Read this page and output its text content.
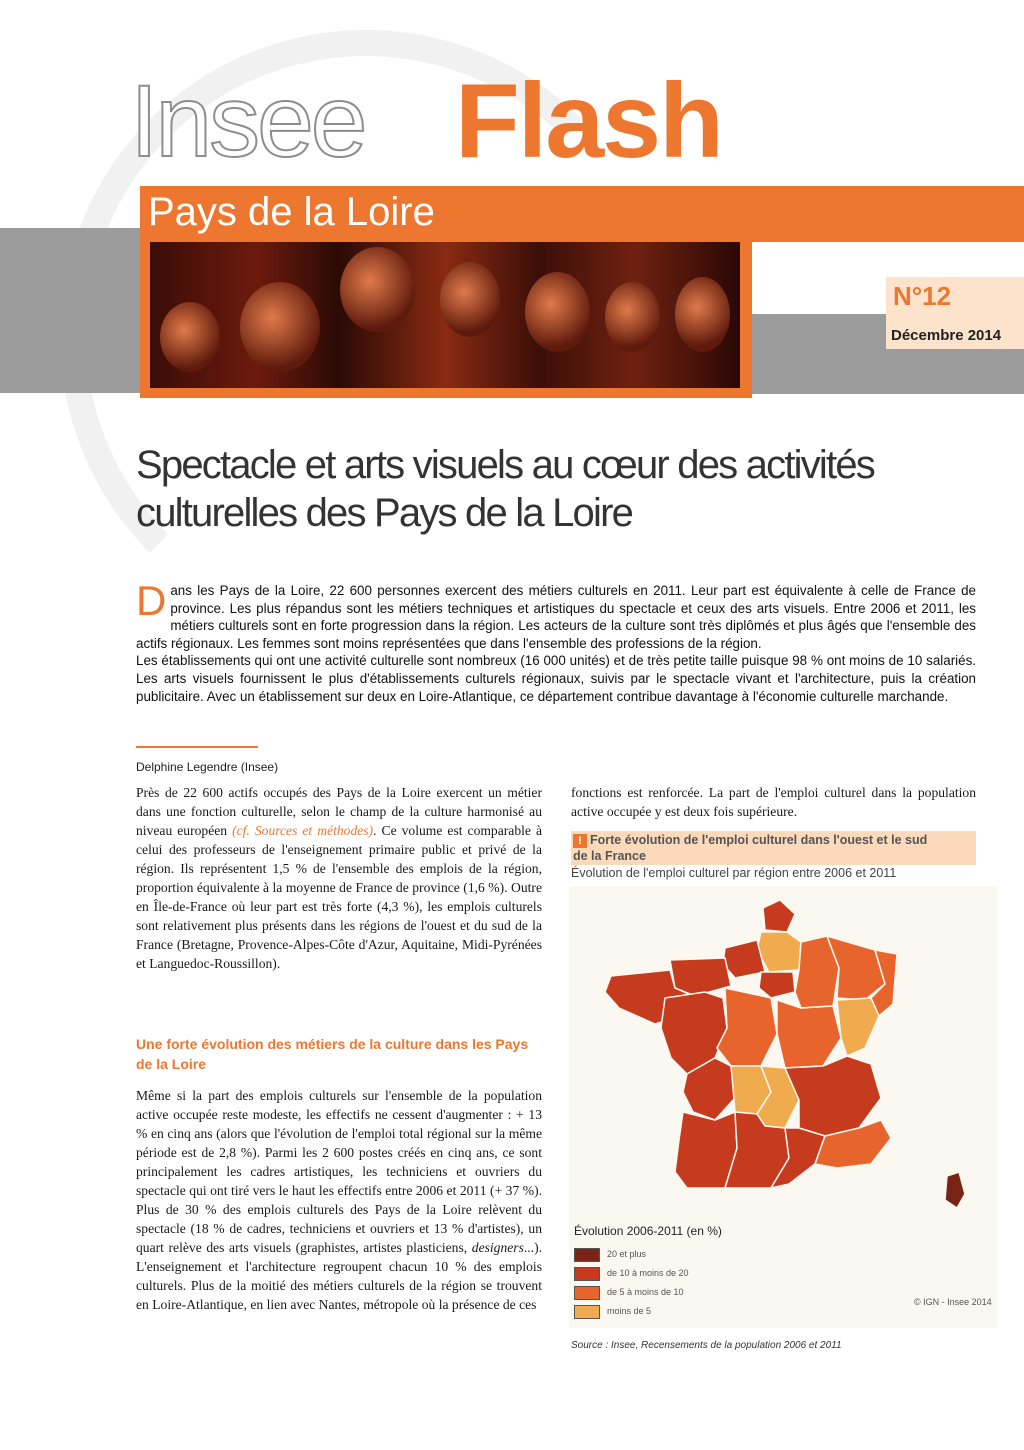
Insee Flash
Pays de la Loire
N°12
Décembre 2014
Spectacle et arts visuels au cœur des activités
culturelles des Pays de la Loire

Dans les Pays de la Loire, 22 600 personnes exercent des métiers culturels en 2011. Leur part est équivalente à celle de France de province. Les plus répandus sont les métiers techniques et artistiques du spectacle et ceux des arts visuels. Entre 2006 et 2011, les métiers culturels sont en forte progression dans la région. Les acteurs de la culture sont très diplômés et plus âgés que l'ensemble des actifs régionaux. Les femmes sont moins représentées que dans l'ensemble des professions de la région.

Les établissements qui ont une activité culturelle sont nombreux (16 000 unités) et de très petite taille puisque 98 % ont moins de 10 salariés. Les arts visuels fournissent le plus d'établissements culturels régionaux, suivis par le spectacle vivant et l'architecture, puis la création publicitaire. Avec un établissement sur deux en Loire-Atlantique, ce département contribue davantage à l'économie culturelle marchande.

Delphine Legendre (Insee)

Près de 22 600 actifs occupés des Pays de la Loire exercent un métier dans une fonction culturelle, selon le champ de la culture harmonisé au niveau européen (cf. Sources et méthodes). Ce volume est comparable à celui des professeurs de l'enseignement primaire public et privé de la région. Ils représentent 1,5 % de l'ensemble des emplois de la région, proportion équivalente à la moyenne de France de province (1,6 %). Outre en Île-de-France où leur part est très forte (4,3 %), les emplois culturels sont relativement plus présents dans les régions de l'ouest et du sud de la France (Bretagne, Provence-Alpes-Côte d'Azur, Aquitaine, Midi-Pyrénées et Languedoc-Roussillon).

Une forte évolution des métiers de la culture dans les Pays de la Loire

Même si la part des emplois culturels sur l'ensemble de la population active occupée reste modeste, les effectifs ne cessent d'augmenter : + 13 % en cinq ans (alors que l'évolution de l'emploi total régional sur la même période est de 2,8 %). Parmi les 2 600 postes créés en cinq ans, ce sont principalement les cadres artistiques, les techniciens et ouvriers du spectacle qui ont tiré vers le haut les effectifs entre 2006 et 2011 (+ 37 %). Plus de 30 % des emplois culturels des Pays de la Loire relèvent du spectacle (18 % de cadres, techniciens et ouvriers et 13 % d'artistes), un quart relève des arts visuels (graphistes, artistes plasticiens, designers...). L'enseignement et l'architecture regroupent chacun 10 % des emplois culturels. Plus de la moitié des métiers culturels de la région se trouvent en Loire-Atlantique, en lien avec Nantes, métropole où la présence de ces

fonctions est renforcée. La part de l'emploi culturel dans la population active occupée y est deux fois supérieure.
! Forte évolution de l'emploi culturel dans l'ouest et le sud
de la France
Évolution de l'emploi culturel par région entre 2006 et 2011
Évolution 2006-2011 (en %)
20 et plus
de 10 à moins de 20
de 5 à moins de 10
moins de 5
© IGN - Insee 2014
Source : Insee, Recensements de la population 2006 et 2011
